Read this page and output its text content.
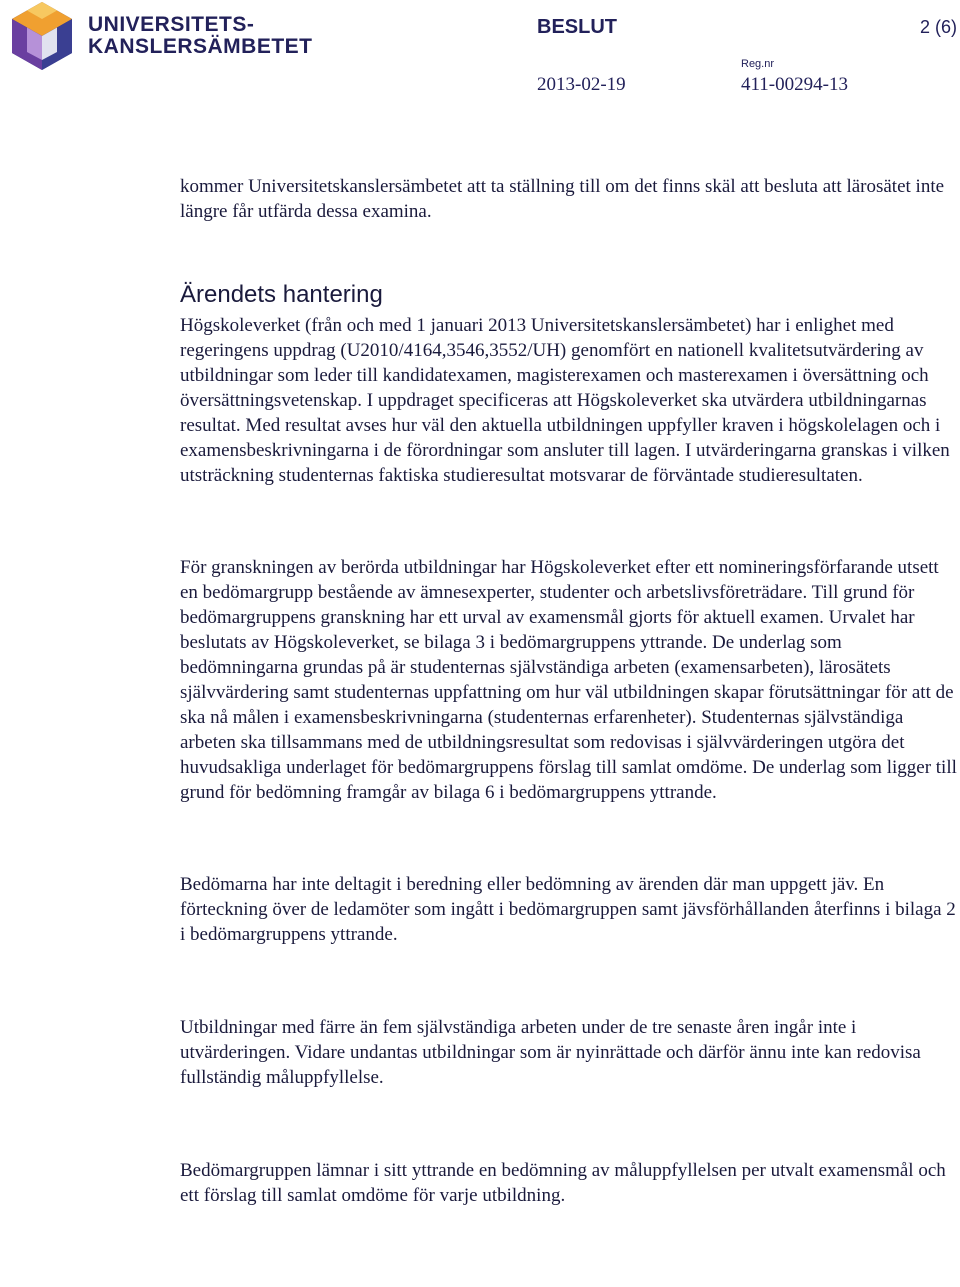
UNIVERSITETS-
KANSLERSÄMBETET
BESLUT	2 (6)
Reg.nr
2013-02-19	411-00294-13

kommer Universitetskanslersämbetet att ta ställning till om det finns skäl att besluta att lärosätet inte längre får utfärda dessa examina.

Ärendets hantering

Högskoleverket (från och med 1 januari 2013 Universitetskanslersämbetet) har i enlighet med regeringens uppdrag (U2010/4164,3546,3552/UH) genomfört en nationell kvalitetsutvärdering av utbildningar som leder till kandidatexamen, magisterexamen och masterexamen i översättning och översättningsvetenskap. I uppdraget specificeras att Högskoleverket ska utvärdera utbildningarnas resultat. Med resultat avses hur väl den aktuella utbildningen uppfyller kraven i högskolelagen och i examensbeskrivningarna i de förordningar som ansluter till lagen. I utvärderingarna granskas i vilken utsträckning studenternas faktiska studieresultat motsvarar de förväntade studieresultaten.

För granskningen av berörda utbildningar har Högskoleverket efter ett nomineringsförfarande utsett en bedömargrupp bestående av ämnesexperter, studenter och arbetslivsföreträdare. Till grund för bedömargruppens granskning har ett urval av examensmål gjorts för aktuell examen. Urvalet har beslutats av Högskoleverket, se bilaga 3 i bedömargruppens yttrande. De underlag som bedömningarna grundas på är studenternas självständiga arbeten (examensarbeten), lärosätets självvärdering samt studenternas uppfattning om hur väl utbildningen skapar förutsättningar för att de ska nå målen i examensbeskrivningarna (studenternas erfarenheter). Studenternas självständiga arbeten ska tillsammans med de utbildningsresultat som redovisas i självvärderingen utgöra det huvudsakliga underlaget för bedömargruppens förslag till samlat omdöme. De underlag som ligger till grund för bedömning framgår av bilaga 6 i bedömargruppens yttrande.

Bedömarna har inte deltagit i beredning eller bedömning av ärenden där man uppgett jäv. En förteckning över de ledamöter som ingått i bedömargruppen samt jävsförhållanden återfinns i bilaga 2 i bedömargruppens yttrande.

Utbildningar med färre än fem självständiga arbeten under de tre senaste åren ingår inte i utvärderingen. Vidare undantas utbildningar som är nyinrättade och därför ännu inte kan redovisa fullständig måluppfyllelse.

Bedömargruppen lämnar i sitt yttrande en bedömning av måluppfyllelsen per utvalt examensmål och ett förslag till samlat omdöme för varje utbildning.
